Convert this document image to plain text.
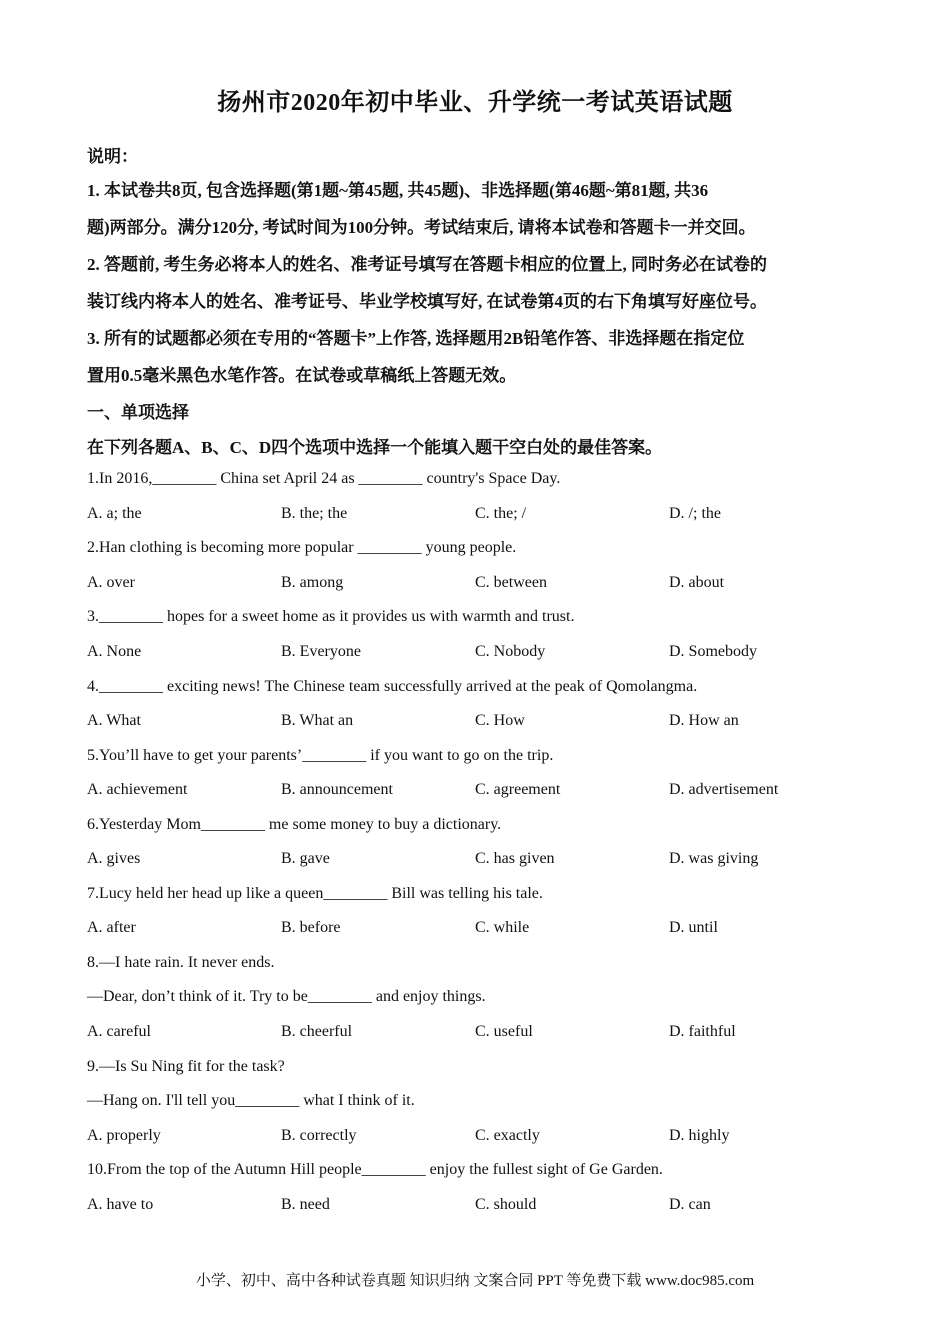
扬州市2020年初中毕业、升学统一考试英语试题
说明：
1. 本试卷共8页, 包含选择题(第1题~第45题, 共45题)、非选择题(第46题~第81题, 共36
题)两部分。满分120分, 考试时间为100分钟。考试结束后, 请将本试卷和答题卡一并交回。
2. 答题前, 考生务必将本人的姓名、准考证号填写在答题卡相应的位置上, 同时务必在试卷的
装订线内将本人的姓名、准考证号、毕业学校填写好, 在试卷第4页的右下角填写好座位号。
3. 所有的试题都必须在专用的“答题卡”上作答, 选择题用2B铅笔作答、非选择题在指定位
置用0.5毫米黑色水笔作答。在试卷或草稿纸上答题无效。
一、单项选择
在下列各题A、B、C、D四个选项中选择一个能填入题干空白处的最佳答案。
1.In 2016,________ China set April 24 as ________ country's Space Day.
A. a; the	B. the; the	C. the; /	D. /; the
2.Han clothing is becoming more popular ________ young people.
A. over	B. among	C. between	D. about
3.________ hopes for a sweet home as it provides us with warmth and trust.
A. None	B. Everyone	C. Nobody	D. Somebody
4.________ exciting news! The Chinese team successfully arrived at the peak of Qomolangma.
A. What	B. What an	C. How	D. How an
5.You’ll have to get your parents’________ if you want to go on the trip.
A. achievement	B. announcement	C. agreement	D. advertisement
6.Yesterday Mom________ me some money to buy a dictionary.
A. gives	B. gave	C. has given	D. was giving
7.Lucy held her head up like a queen________ Bill was telling his tale.
A. after	B. before	C. while	D. until
8.—I hate rain. It never ends.
—Dear, don’t think of it. Try to be________ and enjoy things.
A. careful	B. cheerful	C. useful	D. faithful
9.—Is Su Ning fit for the task?
—Hang on. I'll tell you________ what I think of it.
A. properly	B. correctly	C. exactly	D. highly
10.From the top of the Autumn Hill people________ enjoy the fullest sight of Ge Garden.
A. have to	B. need	C. should	D. can
小学、初中、高中各种试卷真题 知识归纳 文案合同 PPT 等免费下载 www.doc985.com
